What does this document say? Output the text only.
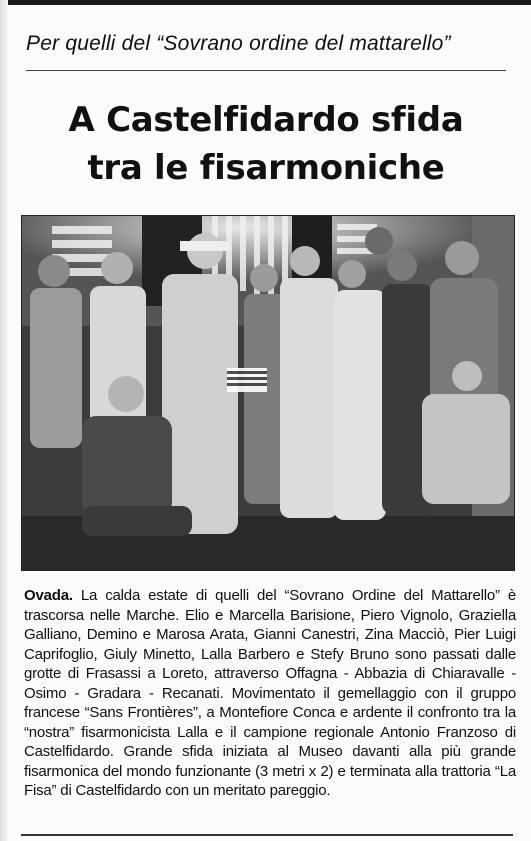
Per quelli del “Sovrano ordine del mattarello”
A Castelfidardo sfida
tra le fisarmoniche
Ovada. La calda estate di quelli del “Sovrano Ordine del Mattarello” è trascorsa nelle Marche. Elio e Marcella Barisione, Piero Vignolo, Graziella Galliano, Demino e Marosa Arata, Gianni Canestri, Zina Macciò, Pier Luigi Caprifoglio, Giuly Minetto, Lalla Barbero e Stefy Bruno sono passati dalle grotte di Frasassi a Loreto, attraverso Offagna - Abbazia di Chiaravalle - Osimo - Gradara - Recanati. Movimentato il gemellaggio con il gruppo francese “Sans Frontières”, a Montefiore Conca e ardente il confronto tra la “nostra” fisarmonicista Lalla e il campione regionale Antonio Franzoso di Castelfidardo. Grande sfida iniziata al Museo davanti alla più grande fisarmonica del mondo funzionante (3 metri x 2) e terminata alla trattoria “La Fisa” di Castelfidardo con un meritato pareggio.
